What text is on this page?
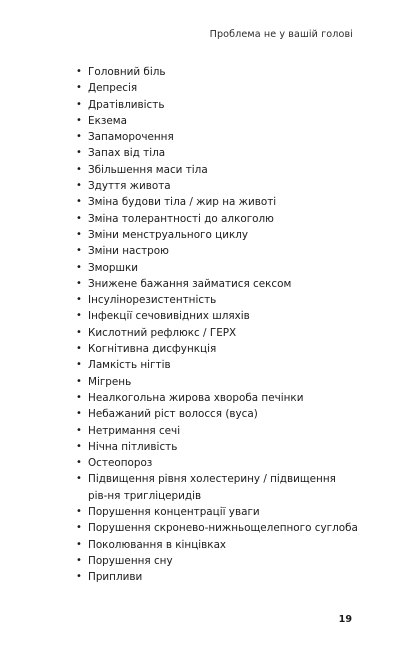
Проблема не у вашій голові
• Головний біль
• Депресія
• Дратівливість
• Екзема
• Запаморочення
• Запах від тіла
• Збільшення маси тіла
• Здуття живота
• Зміна будови тіла / жир на животі
• Зміна толерантності до алкоголю
• Зміни менструального циклу
• Зміни настрою
• Зморшки
• Знижене бажання займатися сексом
• Інсулінорезистентність
• Інфекції сечовивідних шляхів
• Кислотний рефлюкс / ГЕРХ
• Когнітивна дисфункція
• Ламкість нігтів
• Мігрень
• Неалкогольна жирова хвороба печінки
• Небажаний ріст волосся (вуса)
• Нетримання сечі
• Нічна пітливість
• Остеопороз
• Підвищення рівня холестерину / підвищення рів-ня тригліцеридів
• Порушення концентрації уваги
• Порушення скронево-нижньощелепного суглоба
• Поколювання в кінцівках
• Порушення сну
• Припливи
19
